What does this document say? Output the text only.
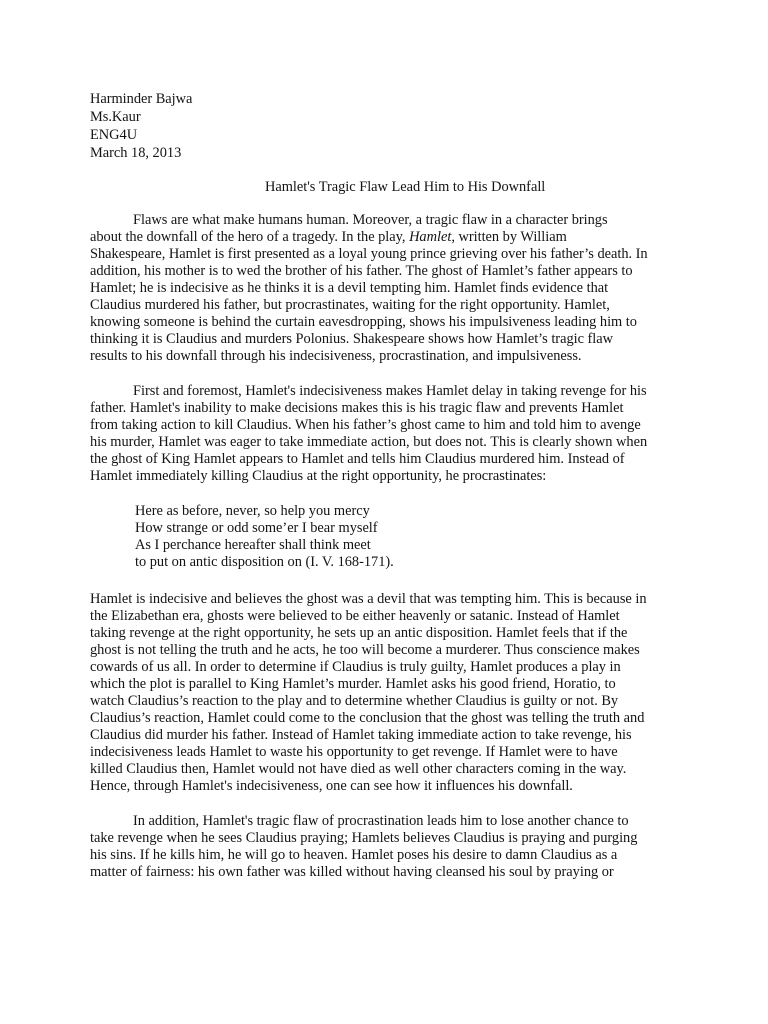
Harminder Bajwa
Ms.Kaur
ENG4U
March 18, 2013
Hamlet's Tragic Flaw Lead Him to His Downfall
Flaws are what make humans human. Moreover, a tragic flaw in a character brings
about the downfall of the hero of a tragedy. In the play, Hamlet, written by William
Shakespeare, Hamlet is first presented as a loyal young prince grieving over his father’s death. In
addition, his mother is to wed the brother of his father. The ghost of Hamlet’s father appears to
Hamlet; he is indecisive as he thinks it is a devil tempting him. Hamlet finds evidence that
Claudius murdered his father, but procrastinates, waiting for the right opportunity. Hamlet,
knowing someone is behind the curtain eavesdropping, shows his impulsiveness leading him to
thinking it is Claudius and murders Polonius. Shakespeare shows how Hamlet’s tragic flaw
results to his downfall through his indecisiveness, procrastination, and impulsiveness.
First and foremost, Hamlet's indecisiveness makes Hamlet delay in taking revenge for his
father. Hamlet's inability to make decisions makes this is his tragic flaw and prevents Hamlet
from taking action to kill Claudius. When his father’s ghost came to him and told him to avenge
his murder, Hamlet was eager to take immediate action, but does not. This is clearly shown when
the ghost of King Hamlet appears to Hamlet and tells him Claudius murdered him. Instead of
Hamlet immediately killing Claudius at the right opportunity, he procrastinates:
Here as before, never, so help you mercy
How strange or odd some’er I bear myself
As I perchance hereafter shall think meet
to put on antic disposition on (I. V. 168-171).
Hamlet is indecisive and believes the ghost was a devil that was tempting him. This is because in
the Elizabethan era, ghosts were believed to be either heavenly or satanic. Instead of Hamlet
taking revenge at the right opportunity, he sets up an antic disposition. Hamlet feels that if the
ghost is not telling the truth and he acts, he too will become a murderer. Thus conscience makes
cowards of us all. In order to determine if Claudius is truly guilty, Hamlet produces a play in
which the plot is parallel to King Hamlet’s murder. Hamlet asks his good friend, Horatio, to
watch Claudius’s reaction to the play and to determine whether Claudius is guilty or not. By
Claudius’s reaction, Hamlet could come to the conclusion that the ghost was telling the truth and
Claudius did murder his father. Instead of Hamlet taking immediate action to take revenge, his
indecisiveness leads Hamlet to waste his opportunity to get revenge. If Hamlet were to have
killed Claudius then, Hamlet would not have died as well other characters coming in the way.
Hence, through Hamlet's indecisiveness, one can see how it influences his downfall.
In addition, Hamlet's tragic flaw of procrastination leads him to lose another chance to
take revenge when he sees Claudius praying; Hamlets believes Claudius is praying and purging
his sins. If he kills him, he will go to heaven. Hamlet poses his desire to damn Claudius as a
matter of fairness: his own father was killed without having cleansed his soul by praying or
